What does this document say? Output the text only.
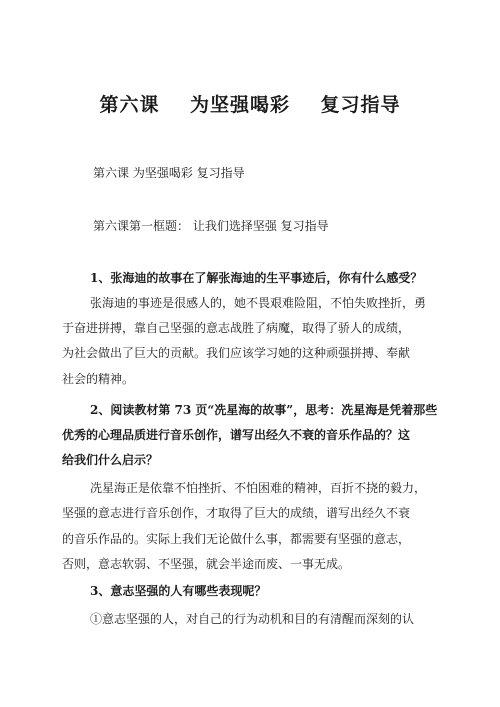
第六课    为坚强喝彩    复习指导
第六课 为坚强喝彩 复习指导
第六课第一框题： 让我们选择坚强 复习指导
1、张海迪的故事在了解张海迪的生平事迹后，你有什么感受？
张海迪的事迹是很感人的，她不畏艰难险阻，不怕失败挫折，勇
于奋进拼搏，靠自己坚强的意志战胜了病魔，取得了骄人的成绩，
为社会做出了巨大的贡献。我们应该学习她的这种顽强拼搏、奉献
社会的精神。
2、阅读教材第 73 页“冼星海的故事”，思考：冼星海是凭着那些
优秀的心理品质进行音乐创作，谱写出经久不衰的音乐作品的？这
给我们什么启示？
冼星海正是依靠不怕挫折、不怕困难的精神，百折不挠的毅力，
坚强的意志进行音乐创作，才取得了巨大的成绩，谱写出经久不衰
的音乐作品的。实际上我们无论做什么事，都需要有坚强的意志，
否则，意志软弱、不坚强，就会半途而废、一事无成。
3、意志坚强的人有哪些表现呢？
①意志坚强的人，对自己的行为动机和目的有清醒而深刻的认
